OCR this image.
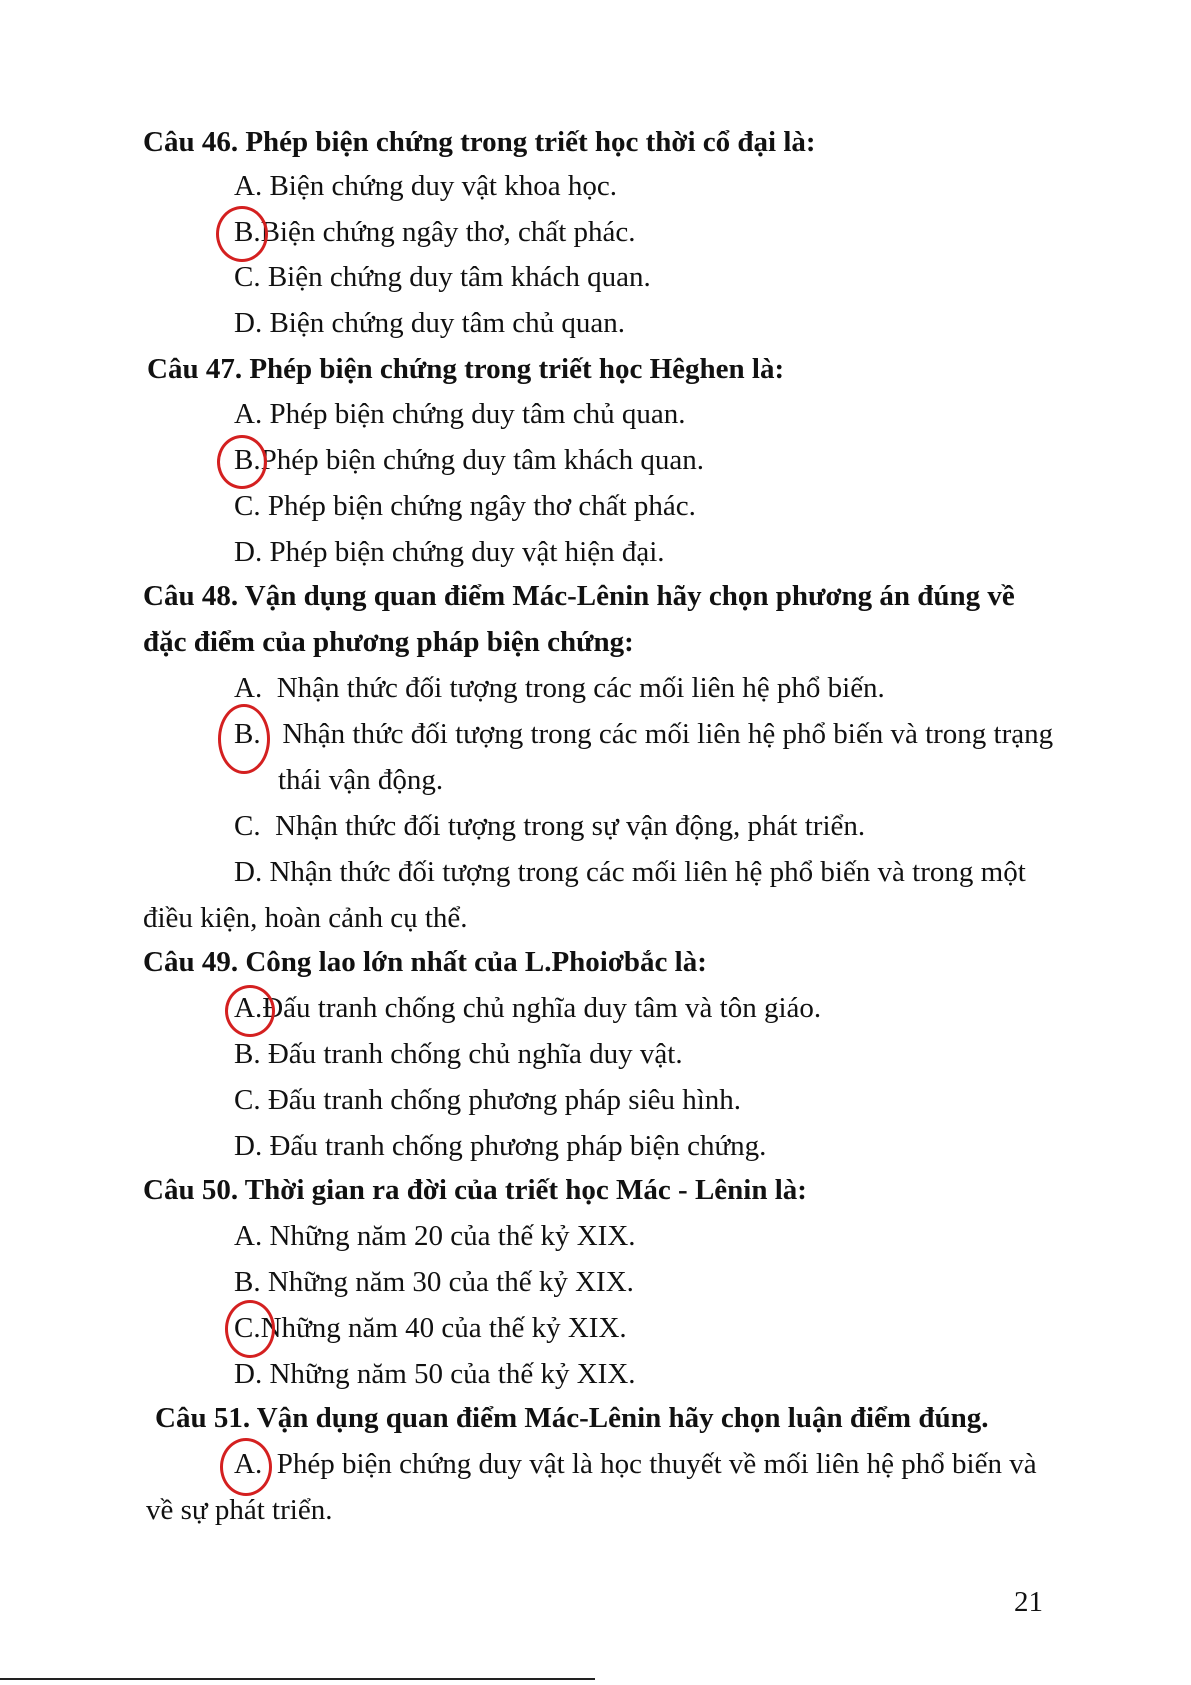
Câu 46. Phép biện chứng trong triết học thời cổ đại là:
A. Biện chứng duy vật khoa học.
B.Biện chứng ngây thơ, chất phác.
C. Biện chứng duy tâm khách quan.
D. Biện chứng duy tâm chủ quan.
Câu 47. Phép biện chứng trong triết học Hêghen là:
A. Phép biện chứng duy tâm chủ quan.
B.Phép biện chứng duy tâm khách quan.
C. Phép biện chứng ngây thơ chất phác.
D. Phép biện chứng duy vật hiện đại.
Câu 48. Vận dụng quan điểm Mác-Lênin hãy chọn phương án đúng về
đặc điểm của phương pháp biện chứng:
A. Nhận thức đối tượng trong các mối liên hệ phổ biến.
B. Nhận thức đối tượng trong các mối liên hệ phổ biến và trong trạng
thái vận động.
C. Nhận thức đối tượng trong sự vận động, phát triển.
D. Nhận thức đối tượng trong các mối liên hệ phổ biến và trong một
điều kiện, hoàn cảnh cụ thể.
Câu 49. Công lao lớn nhất của L.Phoiơbắc là:
A.Đấu tranh chống chủ nghĩa duy tâm và tôn giáo.
B. Đấu tranh chống chủ nghĩa duy vật.
C. Đấu tranh chống phương pháp siêu hình.
D. Đấu tranh chống phương pháp biện chứng.
Câu 50. Thời gian ra đời của triết học Mác - Lênin là:
A. Những năm 20 của thế kỷ XIX.
B. Những năm 30 của thế kỷ XIX.
C.Những năm 40 của thế kỷ XIX.
D. Những năm 50 của thế kỷ XIX.
Câu 51. Vận dụng quan điểm Mác-Lênin hãy chọn luận điểm đúng.
A. Phép biện chứng duy vật là học thuyết về mối liên hệ phổ biến và
về sự phát triển.
21
